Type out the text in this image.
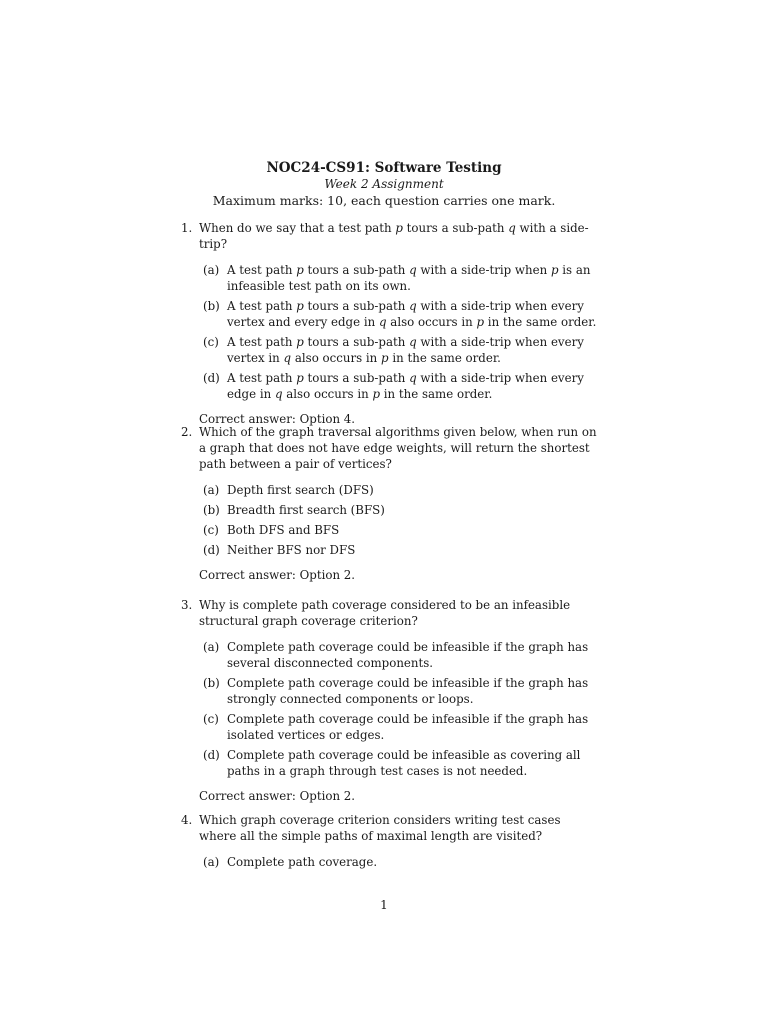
NOC24-CS91: Software Testing
Week 2 Assignment
Maximum marks: 10, each question carries one mark.
1. When do we say that a test path p tours a sub-path q with a side-trip?
(a) A test path p tours a sub-path q with a side-trip when p is an infeasible test path on its own.
(b) A test path p tours a sub-path q with a side-trip when every vertex and every edge in q also occurs in p in the same order.
(c) A test path p tours a sub-path q with a side-trip when every vertex in q also occurs in p in the same order.
(d) A test path p tours a sub-path q with a side-trip when every edge in q also occurs in p in the same order.
Correct answer: Option 4.
2. Which of the graph traversal algorithms given below, when run on a graph that does not have edge weights, will return the shortest path between a pair of vertices?
(a) Depth first search (DFS)
(b) Breadth first search (BFS)
(c) Both DFS and BFS
(d) Neither BFS nor DFS
Correct answer: Option 2.
3. Why is complete path coverage considered to be an infeasible structural graph coverage criterion?
(a) Complete path coverage could be infeasible if the graph has several disconnected components.
(b) Complete path coverage could be infeasible if the graph has strongly connected components or loops.
(c) Complete path coverage could be infeasible if the graph has isolated vertices or edges.
(d) Complete path coverage could be infeasible as covering all paths in a graph through test cases is not needed.
Correct answer: Option 2.
4. Which graph coverage criterion considers writing test cases where all the simple paths of maximal length are visited?
(a) Complete path coverage.
1
